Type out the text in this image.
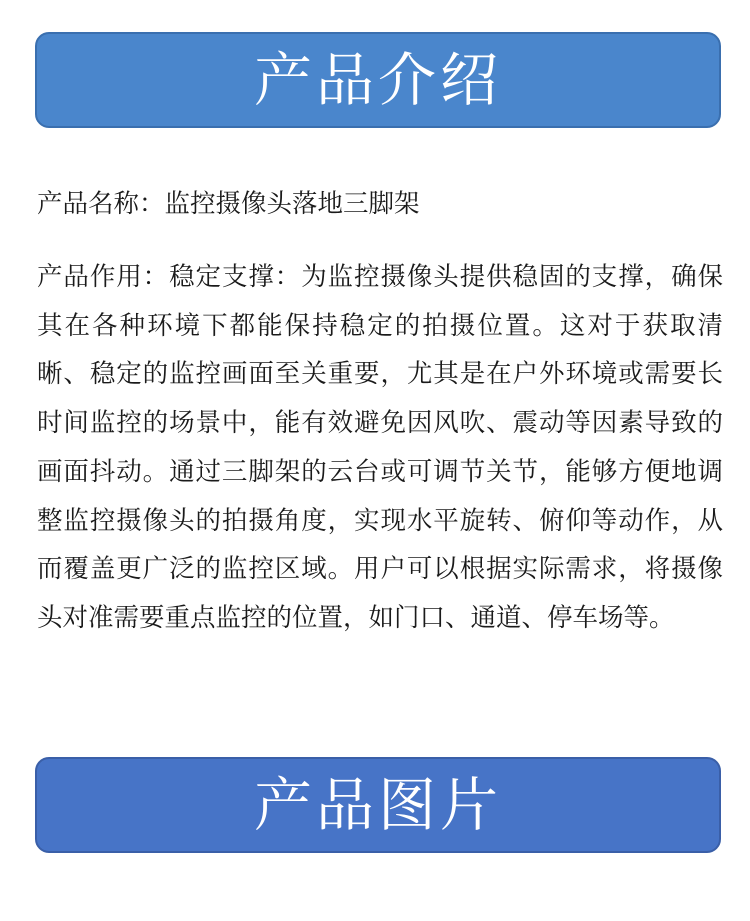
产品介绍
产品名称：监控摄像头落地三脚架
产品作用：稳定支撑：为监控摄像头提供稳固的支撑，确保其在各种环境下都能保持稳定的拍摄位置。这对于获取清晰、稳定的监控画面至关重要，尤其是在户外环境或需要长时间监控的场景中，能有效避免因风吹、震动等因素导致的画面抖动。通过三脚架的云台或可调节关节，能够方便地调整监控摄像头的拍摄角度，实现水平旋转、俯仰等动作，从而覆盖更广泛的监控区域。用户可以根据实际需求，将摄像头对准需要重点监控的位置，如门口、通道、停车场等。
产品图片
